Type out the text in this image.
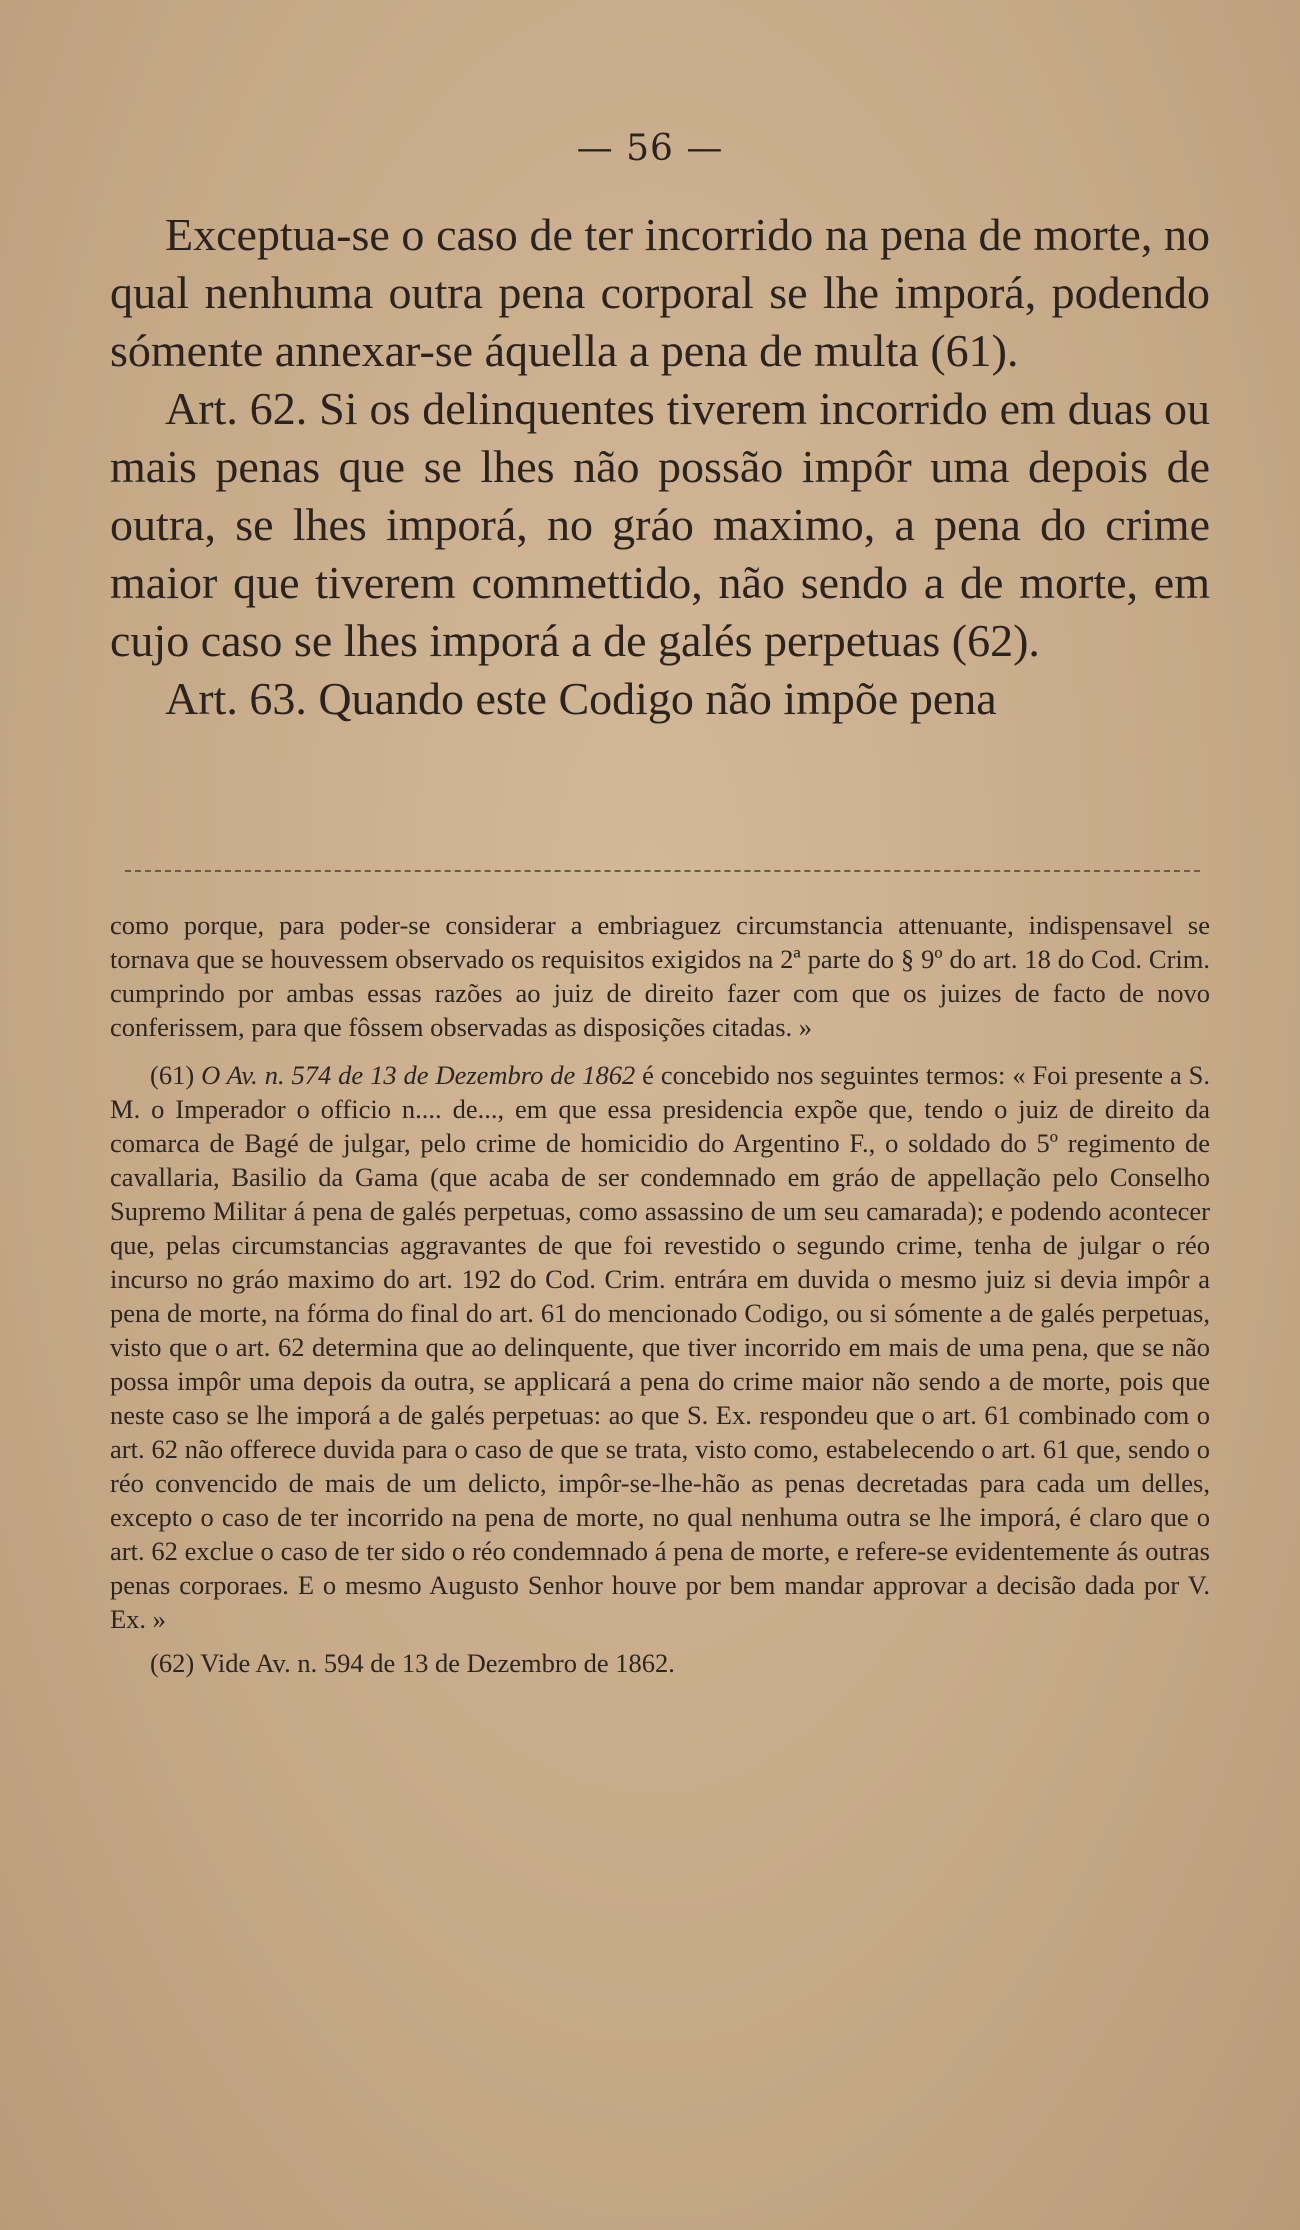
— 56 —

Exceptua-se o caso de ter incorrido na pena de morte, no qual nenhuma outra pena corporal se lhe imporá, podendo sómente annexar-se áquella a pena de multa (61).

Art. 62. Si os delinquentes tiverem incorrido em duas ou mais penas que se lhes não possão impôr uma depois de outra, se lhes imporá, no gráo maximo, a pena do crime maior que tiverem commettido, não sendo a de morte, em cujo caso se lhes imporá a de galés perpetuas (62).

Art. 63. Quando este Codigo não impõe pena

como porque, para poder-se considerar a embriaguez circumstancia attenuante, indispensavel se tornava que se houvessem observado os requisitos exigidos na 2ª parte do § 9º do art. 18 do Cod. Crim. cumprindo por ambas essas razões ao juiz de direito fazer com que os juizes de facto de novo conferissem, para que fôssem observadas as disposições citadas. »

(61) O Av. n. 574 de 13 de Dezembro de 1862 é concebido nos seguintes termos: « Foi presente a S. M. o Imperador o officio n.... de..., em que essa presidencia expõe que, tendo o juiz de direito da comarca de Bagé de julgar, pelo crime de homicidio do Argentino F., o soldado do 5º regimento de cavallaria, Basilio da Gama (que acaba de ser condemnado em gráo de appellação pelo Conselho Supremo Militar á pena de galés perpetuas, como assassino de um seu camarada); e podendo acontecer que, pelas circumstancias aggravantes de que foi revestido o segundo crime, tenha de julgar o réo incurso no gráo maximo do art. 192 do Cod. Crim. entrára em duvida o mesmo juiz si devia impôr a pena de morte, na fórma do final do art. 61 do mencionado Codigo, ou si sómente a de galés perpetuas, visto que o art. 62 determina que ao delinquente, que tiver incorrido em mais de uma pena, que se não possa impôr uma depois da outra, se applicará a pena do crime maior não sendo a de morte, pois que neste caso se lhe imporá a de galés perpetuas: ao que S. Ex. respondeu que o art. 61 combinado com o art. 62 não offerece duvida para o caso de que se trata, visto como, estabelecendo o art. 61 que, sendo o réo convencido de mais de um delicto, impôr-se-lhe-hão as penas decretadas para cada um delles, excepto o caso de ter incorrido na pena de morte, no qual nenhuma outra se lhe imporá, é claro que o art. 62 exclue o caso de ter sido o réo condemnado á pena de morte, e refere-se evidentemente ás outras penas corporaes. E o mesmo Augusto Senhor houve por bem mandar approvar a decisão dada por V. Ex. »

(62) Vide Av. n. 594 de 13 de Dezembro de 1862.
